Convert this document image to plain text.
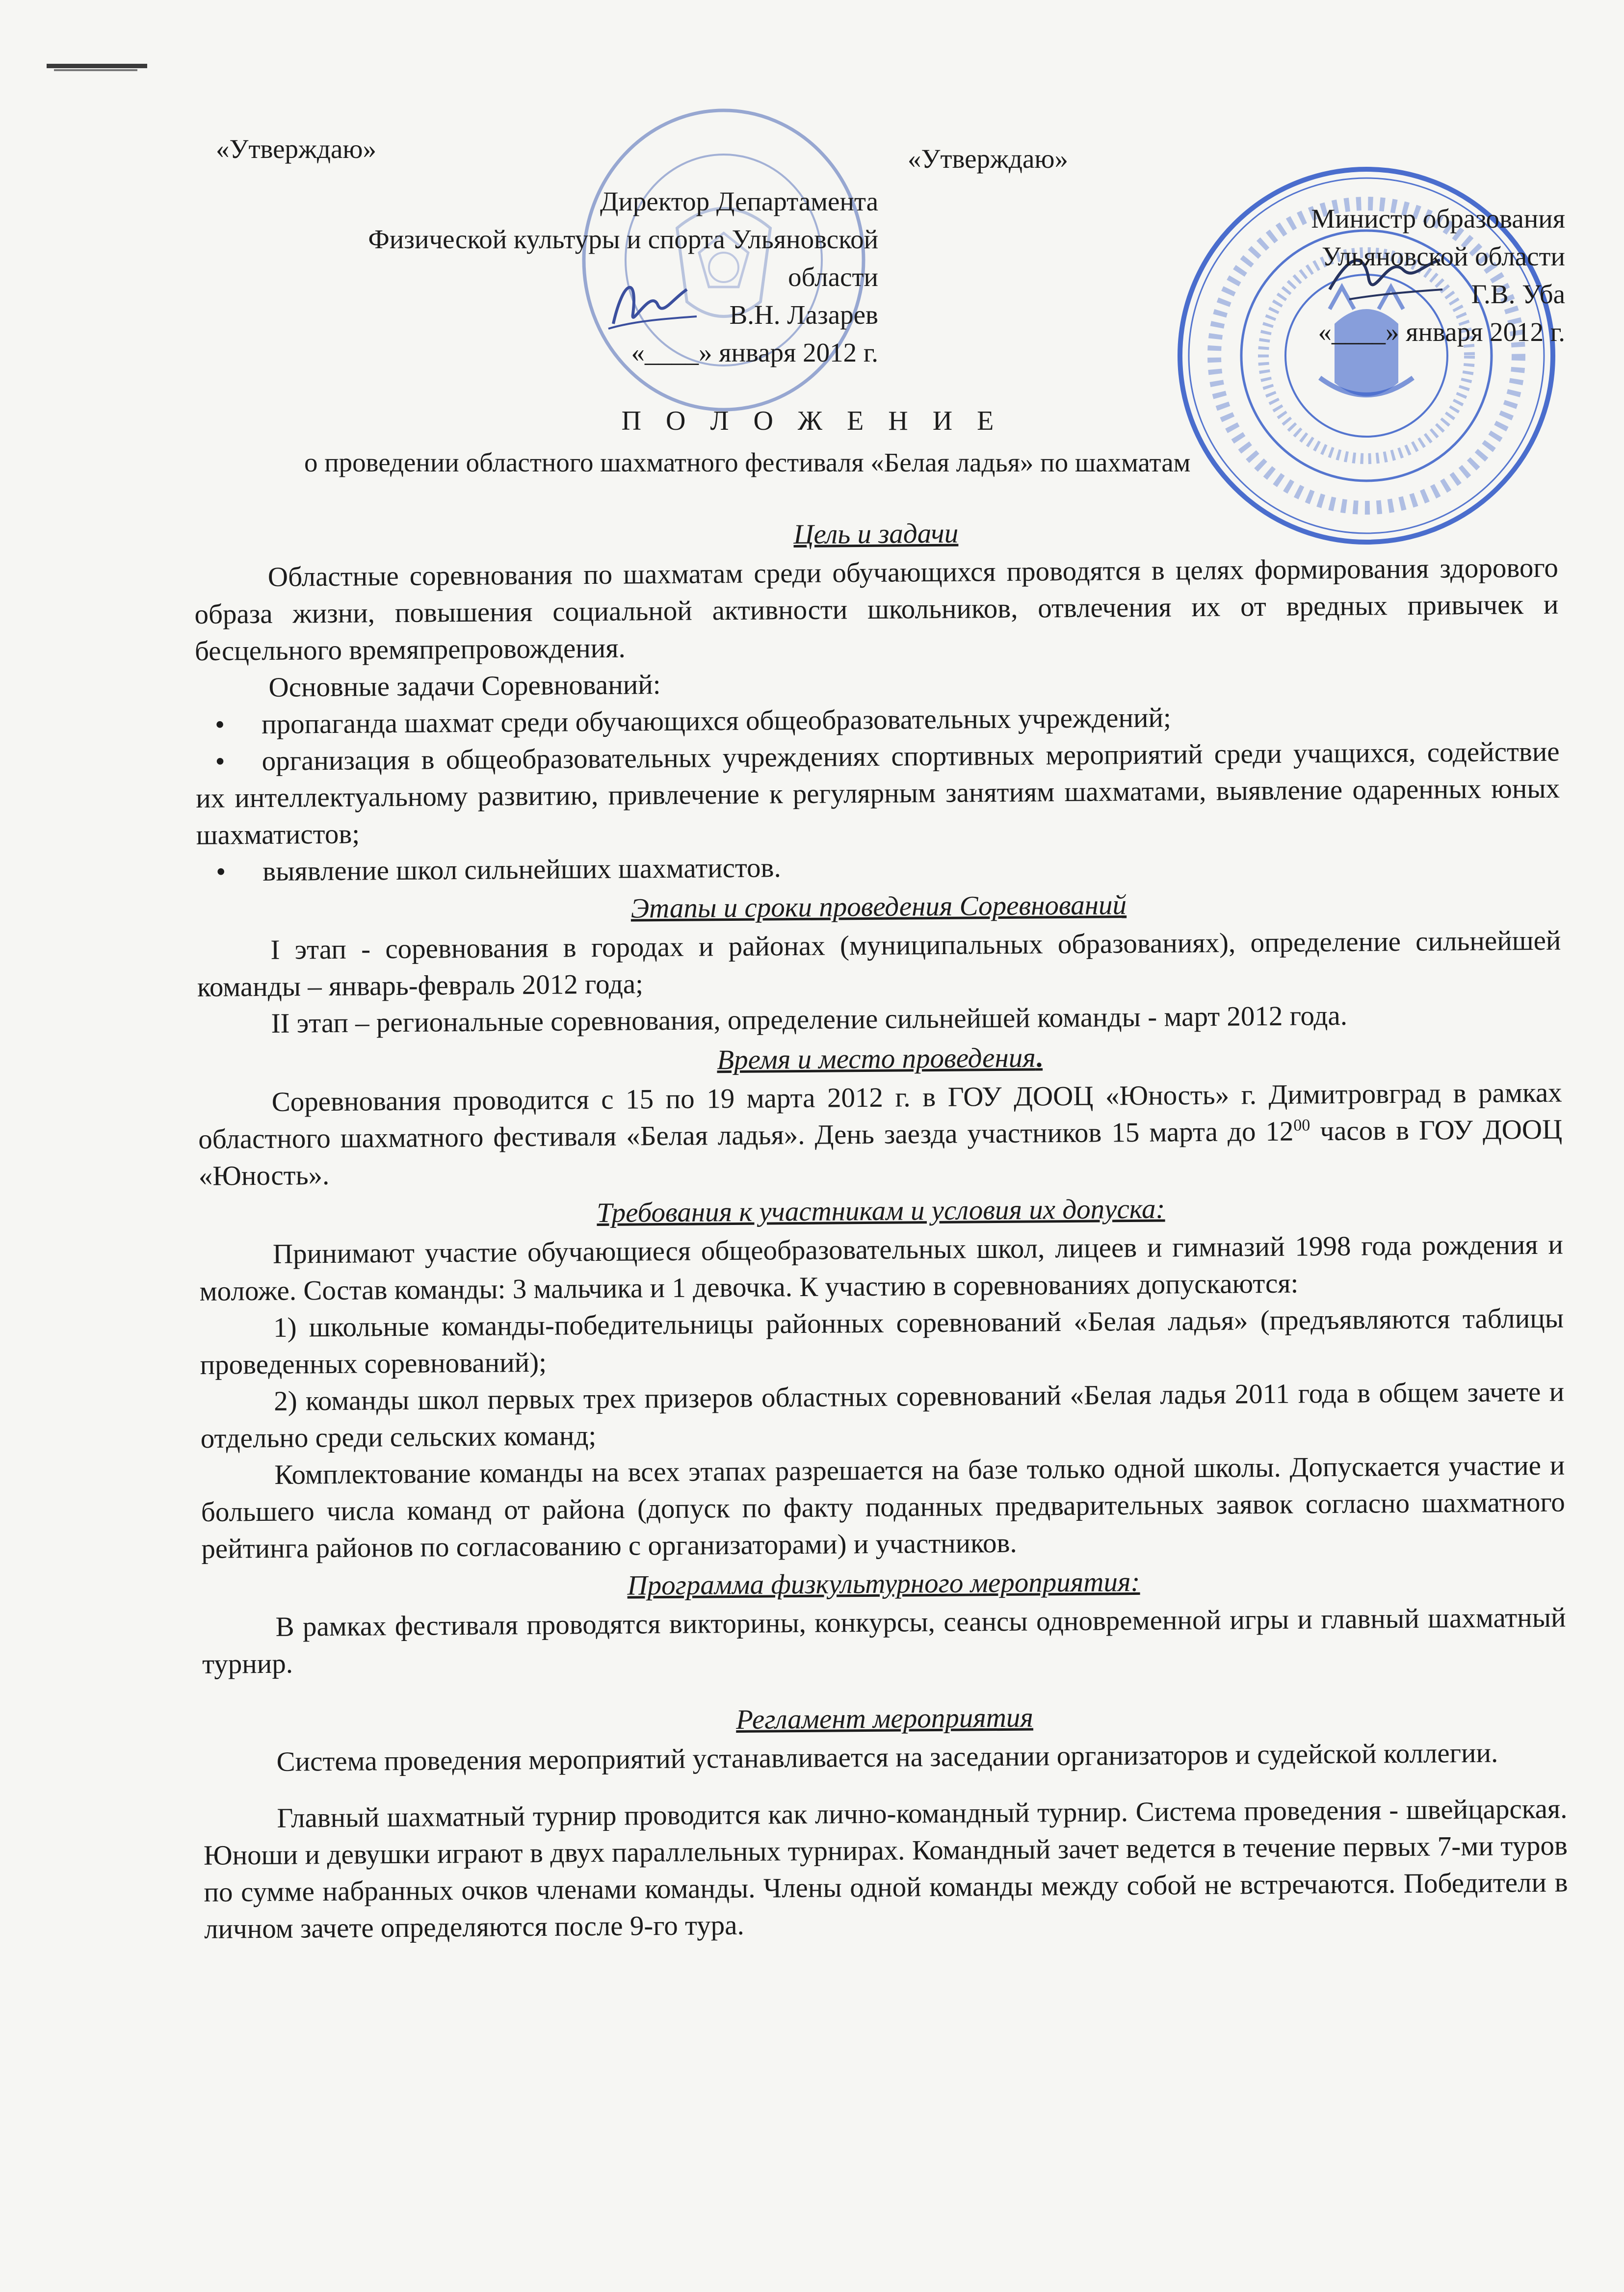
«Утверждаю»
Директор Департамента
Физической культуры и спорта Ульяновской
области
В.Н. Лазарев
«____» января 2012 г.
«Утверждаю»
Министр образования
Ульяновской области
Г.В. Уба
«____» января 2012 г.
П О Л О Ж Е Н И Е
о проведении областного шахматного фестиваля «Белая ладья» по шахматам
Цель и задачи

Областные соревнования по шахматам среди обучающихся проводятся в целях формирования здорового образа жизни, повышения социальной активности школьников, отвлечения их от вредных привычек и бесцельного времяпрепровождения.

Основные задачи Соревнований:

• пропаганда шахмат среди обучающихся общеобразовательных учреждений;
• организация в общеобразовательных учреждениях спортивных мероприятий среди учащихся, содействие их интеллектуальному развитию, привлечение к регулярным занятиям шахматами, выявление одаренных юных шахматистов;
• выявление школ сильнейших шахматистов.
Этапы и сроки проведения Соревнований

I этап - соревнования в городах и районах (муниципальных образованиях), определение сильнейшей команды – январь-февраль 2012 года;

II этап – региональные соревнования, определение сильнейшей команды - март 2012 года.

Время и место проведения.

Соревнования проводится с 15 по 19 марта 2012 г. в ГОУ ДООЦ «Юность» г. Димитровград в рамках областного шахматного фестиваля «Белая ладья». День заезда участников 15 марта до $12^{00}$ часов в ГОУ ДООЦ «Юность».

Требования к участникам и условия их допуска:

Принимают участие обучающиеся общеобразовательных школ, лицеев и гимназий 1998 года рождения и моложе. Состав команды: 3 мальчика и 1 девочка. К участию в соревнованиях допускаются:

1) школьные команды-победительницы районных соревнований «Белая ладья» (предъявляются таблицы проведенных соревнований);

2) команды школ первых трех призеров областных соревнований «Белая ладья 2011 года в общем зачете и отдельно среди сельских команд;

Комплектование команды на всех этапах разрешается на базе только одной школы. Допускается участие и большего числа команд от района (допуск по факту поданных предварительных заявок согласно шахматного рейтинга районов по согласованию с организаторами) и участников.

Программа физкультурного мероприятия:

В рамках фестиваля проводятся викторины, конкурсы, сеансы одновременной игры и главный шахматный турнир.

Регламент мероприятия

Система проведения мероприятий устанавливается на заседании организаторов и судейской коллегии.

Главный шахматный турнир проводится как лично-командный турнир. Система проведения - швейцарская. Юноши и девушки играют в двух параллельных турнирах. Командный зачет ведется в течение первых 7-ми туров по сумме набранных очков членами команды. Члены одной команды между собой не встречаются. Победители в личном зачете определяются после 9-го тура.
